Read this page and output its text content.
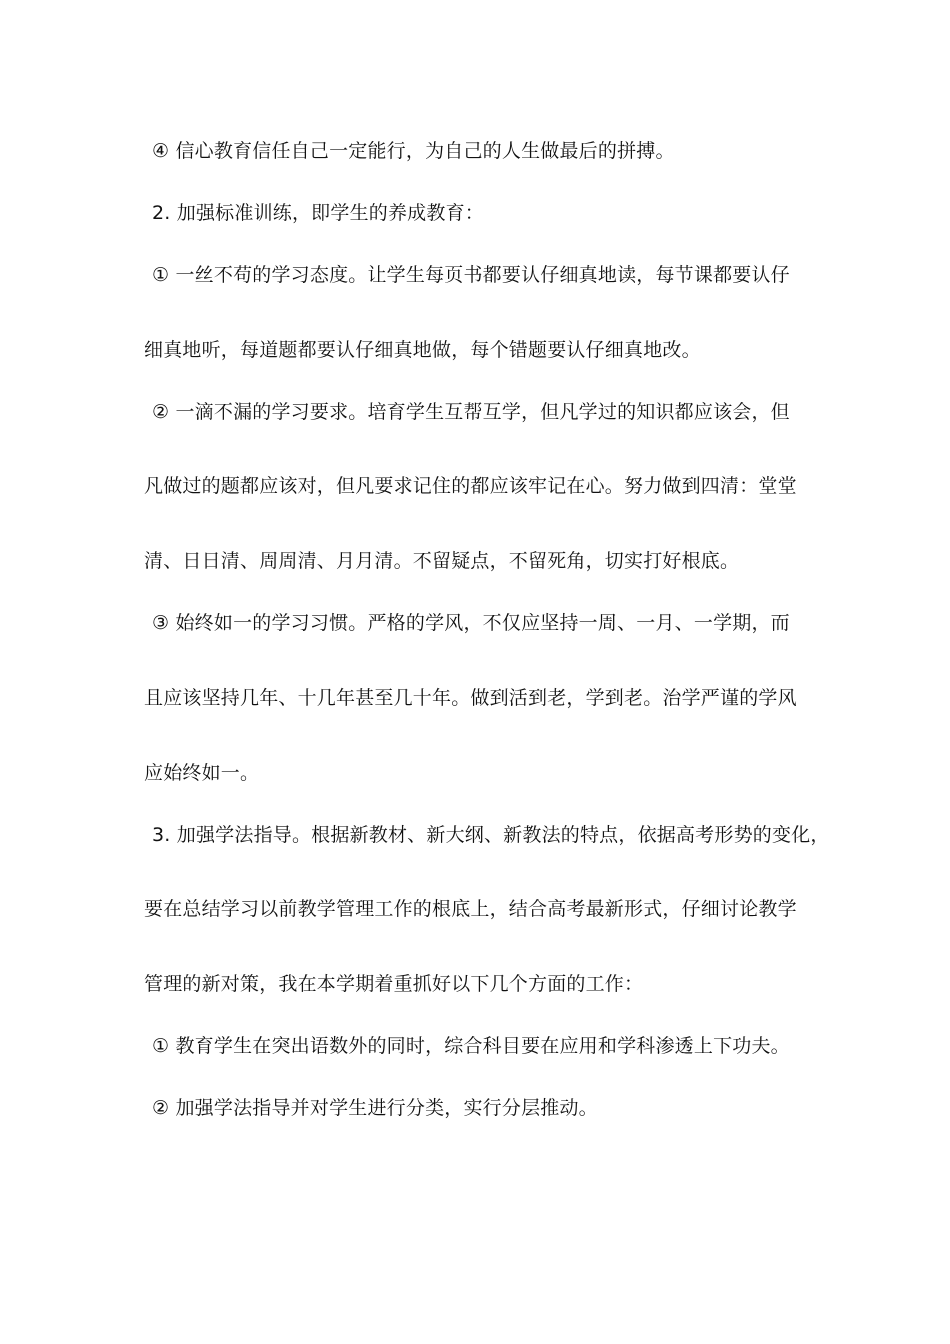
④ 信心教育信任自己一定能行，为自己的人生做最后的拼搏。
2. 加强标准训练，即学生的养成教育：
① 一丝不苟的学习态度。让学生每页书都要认仔细真地读，每节课都要认仔
细真地听，每道题都要认仔细真地做，每个错题要认仔细真地改。
② 一滴不漏的学习要求。培育学生互帮互学，但凡学过的知识都应该会，但
凡做过的题都应该对，但凡要求记住的都应该牢记在心。努力做到四清：堂堂
清、日日清、周周清、月月清。不留疑点，不留死角，切实打好根底。
③ 始终如一的学习习惯。严格的学风，不仅应坚持一周、一月、一学期，而
且应该坚持几年、十几年甚至几十年。做到活到老，学到老。治学严谨的学风
应始终如一。
3. 加强学法指导。根据新教材、新大纲、新教法的特点，依据高考形势的变化，
要在总结学习以前教学管理工作的根底上，结合高考最新形式，仔细讨论教学
管理的新对策，我在本学期着重抓好以下几个方面的工作：
① 教育学生在突出语数外的同时，综合科目要在应用和学科渗透上下功夫。
② 加强学法指导并对学生进行分类，实行分层推动。
